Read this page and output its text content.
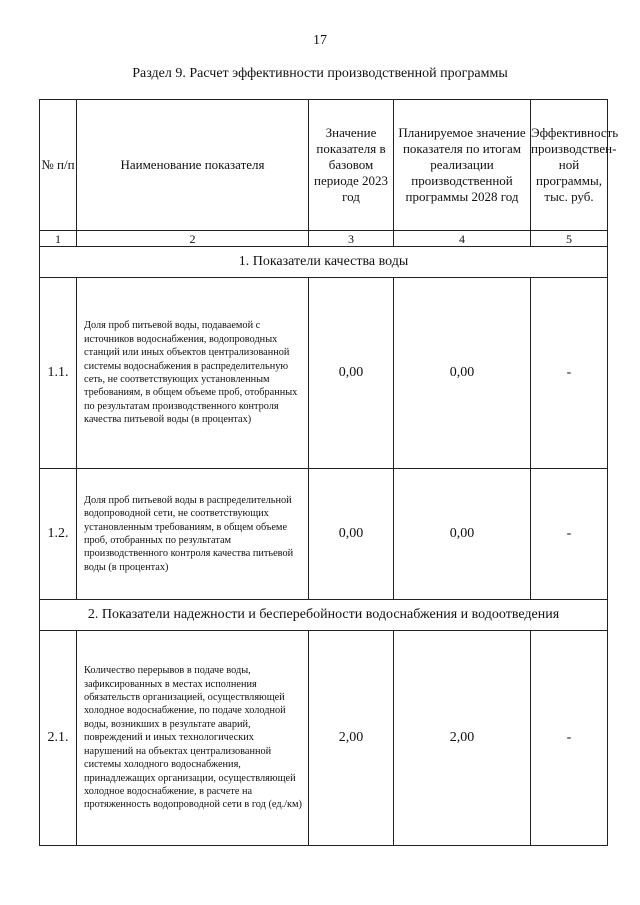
17
Раздел 9. Расчет эффективности производственной программы
№ п/п	Наименование показателя	Значение показателя в базовом периоде 2023 год	Планируемое значение показателя по итогам реализации производственной программы 2028 год	Эффективность производствен-ной программы, тыс. руб.
1	2	3	4	5
1. Показатели качества воды				
1.1.	Доля проб питьевой воды, подаваемой с источников водоснабжения, водопроводных станций или иных объектов централизованной системы водоснабжения в распределительную сеть, не соответствующих установленным требованиям, в общем объеме проб, отобранных по результатам производственного контроля качества питьевой воды (в процентах)	0,00	0,00	-
1.2.	Доля проб питьевой воды в распределительной водопроводной сети, не соответствующих установленным требованиям, в общем объеме проб, отобранных по результатам производственного контроля качества питьевой воды (в процентах)	0,00	0,00	-
2. Показатели надежности и бесперебойности водоснабжения и водоотведения				
2.1.	Количество перерывов в подаче воды, зафиксированных в местах исполнения обязательств организацией, осуществляющей холодное водоснабжение, по подаче холодной воды, возникших в результате аварий, повреждений и иных технологических нарушений на объектах централизованной системы холодного водоснабжения, принадлежащих организации, осуществляющей холодное водоснабжение, в расчете на протяженность водопроводной сети в год (ед./км)	2,00	2,00	-
